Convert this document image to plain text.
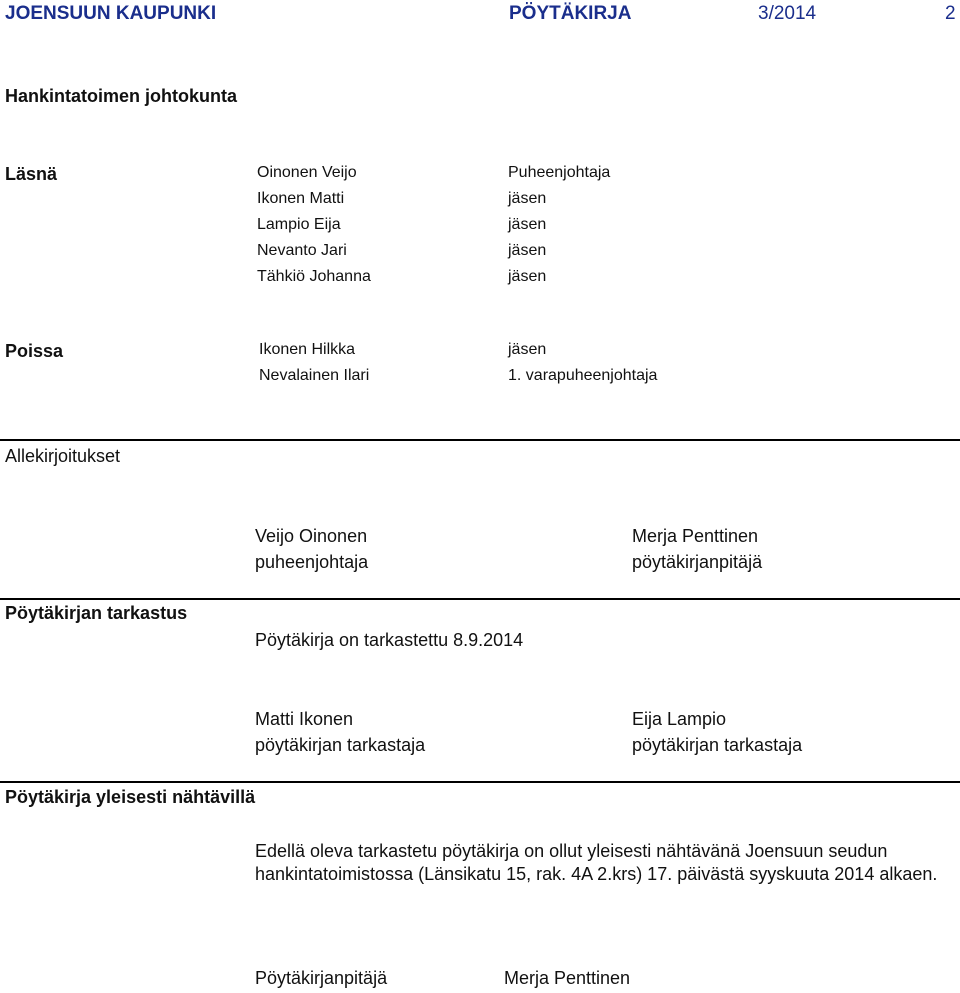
JOENSUUN KAUPUNKI	PÖYTÄKIRJA	3/2014	2
Hankintatoimen johtokunta
Läsnä	Oinonen Veijo	Puheenjohtaja
Ikonen Matti	jäsen
Lampio Eija	jäsen
Nevanto Jari	jäsen
Tähkiö Johanna	jäsen
Poissa	Ikonen Hilkka	jäsen
Nevalainen Ilari	1. varapuheenjohtaja
Allekirjoitukset
Veijo Oinonen
puheenjohtaja
Merja Penttinen
pöytäkirjanpitäjä
Pöytäkirjan tarkastus
Pöytäkirja on tarkastettu 8.9.2014
Matti Ikonen
pöytäkirjan tarkastaja
Eija Lampio
pöytäkirjan tarkastaja
Pöytäkirja yleisesti nähtävillä
Edellä oleva tarkastetu pöytäkirja on ollut yleisesti nähtävänä Joensuun seudun hankintatoimistossa (Länsikatu 15, rak. 4A 2.krs) 17. päivästä syyskuuta 2014 alkaen.
Pöytäkirjanpitäjä	Merja Penttinen
